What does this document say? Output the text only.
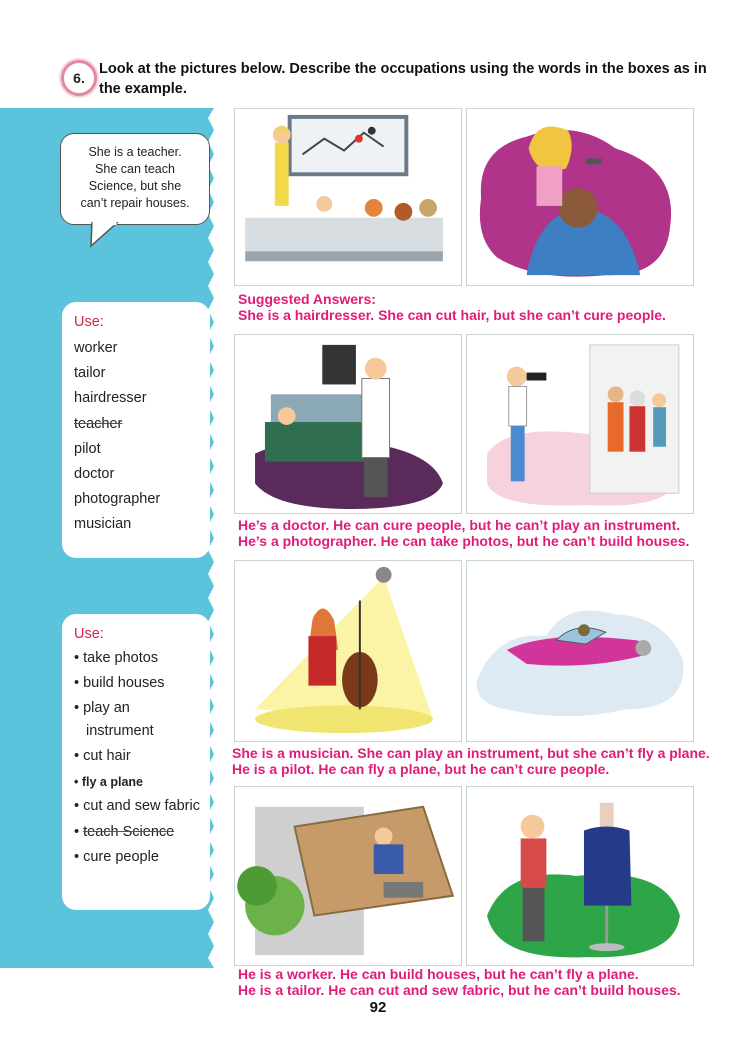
6.
Look at the pictures below. Describe the occupations using the words in the boxes as in the example.
She is a teacher.
She can teach
Science, but she
can’t repair houses.
Use:
worker
tailor
hairdresser
teacher
pilot
doctor
photographer
musician
Use:
• take photos
• build houses
• play an
instrument
• cut hair
• fly a plane
• cut and sew fabric
• teach Science
• cure people
Suggested Answers:
She is a hairdresser. She can cut hair, but she can’t cure people.
He’s a doctor. He can cure people, but he can’t play an instrument.
He’s a photographer. He can take photos, but he can’t build houses.
She is a musician. She can play an instrument, but she can’t fly a plane.
He is a pilot. He can fly a plane, but he can’t cure people.
He is a worker. He can build houses, but he can’t fly a plane.
He is a tailor. He can cut and sew fabric, but he can’t build houses.
92
